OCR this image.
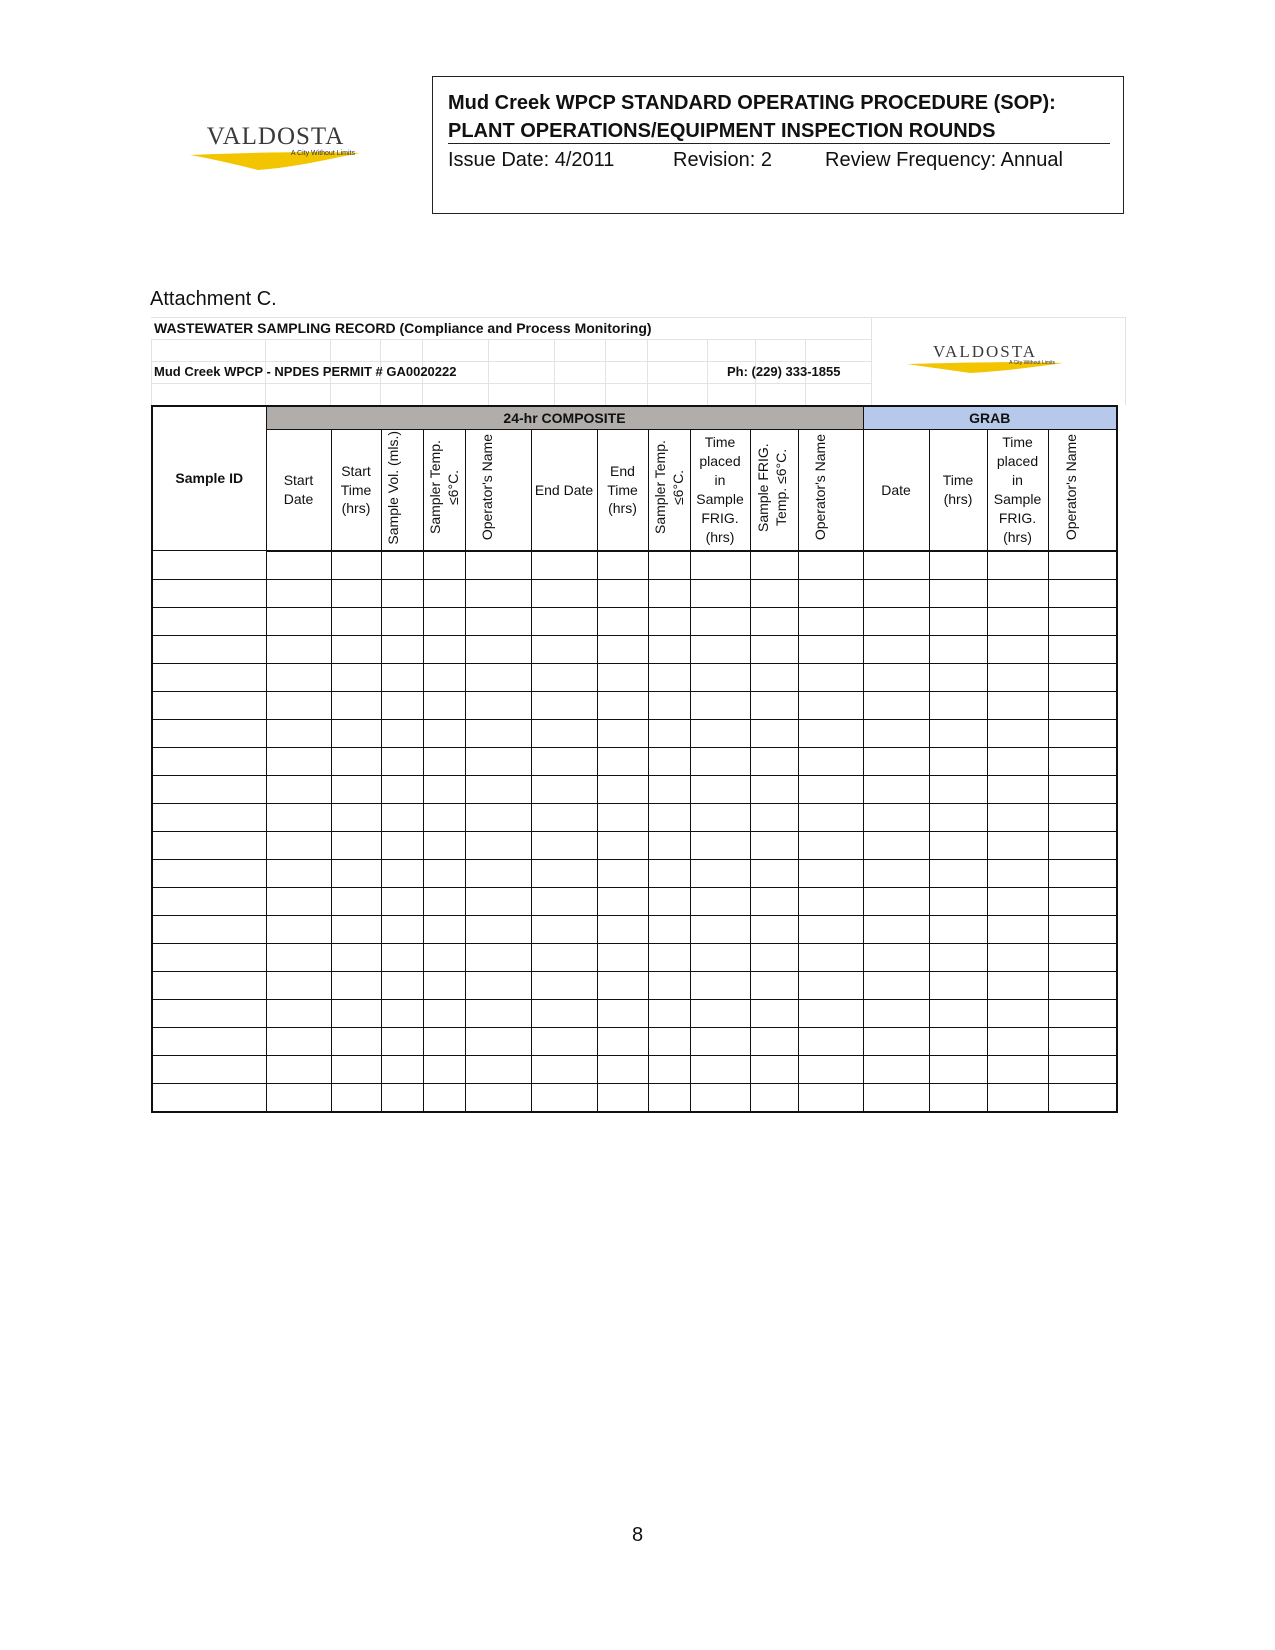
VALDOSTA
A City Without Limits
Mud Creek WPCP STANDARD OPERATING PROCEDURE (SOP):
PLANT OPERATIONS/EQUIPMENT INSPECTION ROUNDS
Issue Date: 4/2011	Revision: 2	Review Frequency: Annual
Attachment C.
WASTEWATER SAMPLING RECORD (Compliance and Process Monitoring)
Mud Creek WPCP - NPDES PERMIT # GA0020222	Ph: (229) 333-1855
VALDOSTA
A City Without Limits
Sample ID	24-hr COMPOSITE											GRAB			

	Start Date	Start Time (hrs)	Sample Vol. (mls.)	Sampler Temp. ≤6°C.	Operator's Name	End Date	End Time (hrs)	Sampler Temp. ≤6°C.	Time placed in Sample FRIG. (hrs)	Sample FRIG. Temp. ≤6°C.	Operator's Name	Date	Time (hrs)	Time placed in Sample FRIG. (hrs)	Operator's Name

8
